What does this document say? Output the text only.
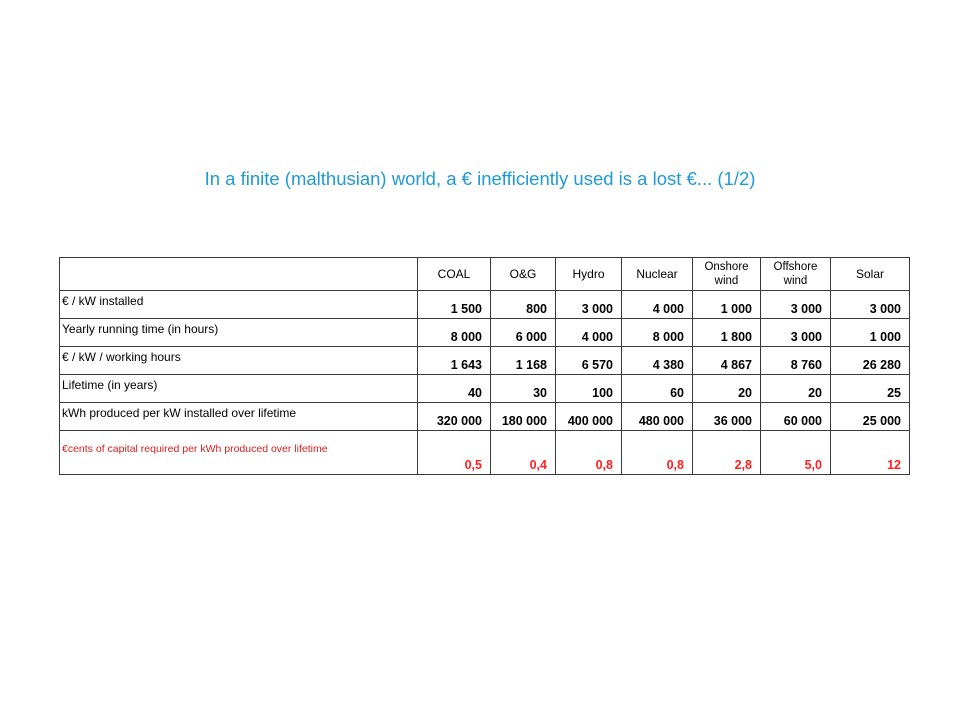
In a finite (malthusian) world, a € inefficiently used is a lost €... (1/2)
	COAL	O&G	Hydro	Nuclear	Onshore wind	Offshore wind	Solar
€ / kW installed	1 500	800	3 000	4 000	1 000	3 000	3 000
Yearly running time (in hours)	8 000	6 000	4 000	8 000	1 800	3 000	1 000
€ / kW / working hours	1 643	1 168	6 570	4 380	4 867	8 760	26 280
Lifetime (in years)	40	30	100	60	20	20	25
kWh produced per kW installed over lifetime	320 000	180 000	400 000	480 000	36 000	60 000	25 000
€cents of capital required per kWh produced over lifetime	0,5	0,4	0,8	0,8	2,8	5,0	12
